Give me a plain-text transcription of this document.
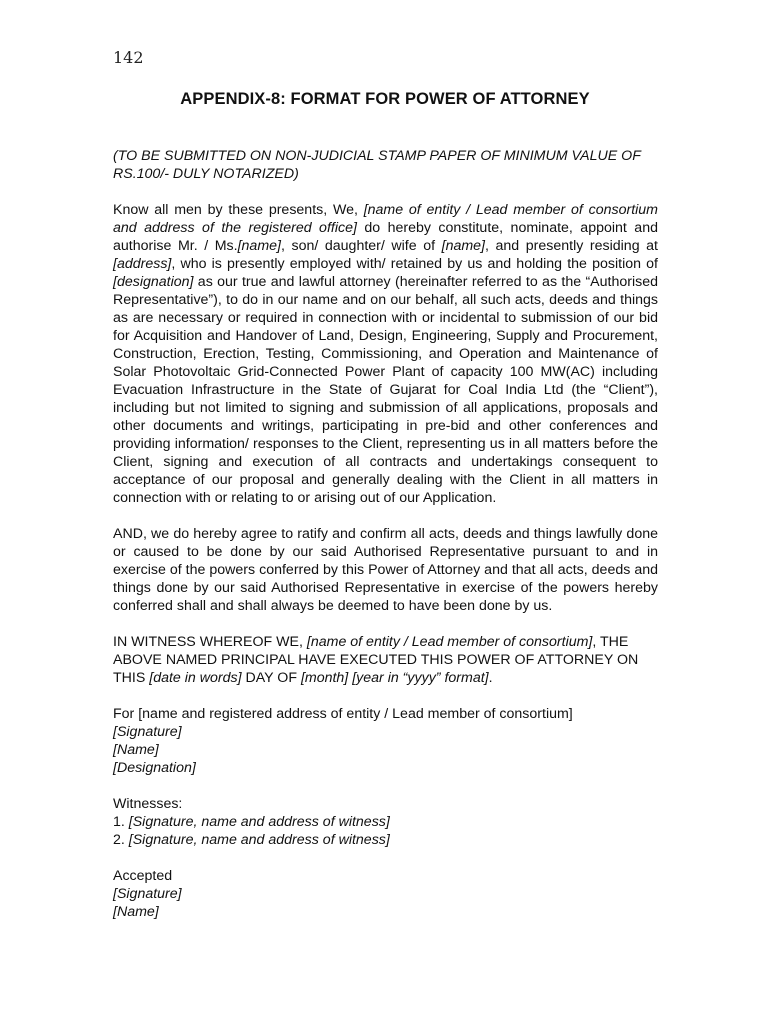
142
APPENDIX-8: FORMAT FOR POWER OF ATTORNEY

(TO BE SUBMITTED ON NON-JUDICIAL STAMP PAPER OF MINIMUM VALUE OF RS.100/- DULY NOTARIZED)

Know all men by these presents, We, [name of entity / Lead member of consortium and address of the registered office] do hereby constitute, nominate, appoint and authorise Mr. / Ms.[name], son/ daughter/ wife of [name], and presently residing at [address], who is presently employed with/ retained by us and holding the position of [designation] as our true and lawful attorney (hereinafter referred to as the “Authorised Representative”), to do in our name and on our behalf, all such acts, deeds and things as are necessary or required in connection with or incidental to submission of our bid for Acquisition and Handover of Land, Design, Engineering, Supply and Procurement, Construction, Erection, Testing, Commissioning, and Operation and Maintenance of Solar Photovoltaic Grid-Connected Power Plant of capacity 100 MW(AC) including Evacuation Infrastructure in the State of Gujarat for Coal India Ltd (the “Client”), including but not limited to signing and submission of all applications, proposals and other documents and writings, participating in pre-bid and other conferences and providing information/ responses to the Client, representing us in all matters before the Client, signing and execution of all contracts and undertakings consequent to acceptance of our proposal and generally dealing with the Client in all matters in connection with or relating to or arising out of our Application.

AND, we do hereby agree to ratify and confirm all acts, deeds and things lawfully done or caused to be done by our said Authorised Representative pursuant to and in exercise of the powers conferred by this Power of Attorney and that all acts, deeds and things done by our said Authorised Representative in exercise of the powers hereby conferred shall and shall always be deemed to have been done by us.

IN WITNESS WHEREOF WE, [name of entity / Lead member of consortium], THE ABOVE NAMED PRINCIPAL HAVE EXECUTED THIS POWER OF ATTORNEY ON THIS [date in words] DAY OF [month] [year in “yyyy” format].

For [name and registered address of entity / Lead member of consortium]

[Signature]

[Name]

[Designation]

Witnesses:

1. [Signature, name and address of witness]

2. [Signature, name and address of witness]

Accepted

[Signature]

[Name]
